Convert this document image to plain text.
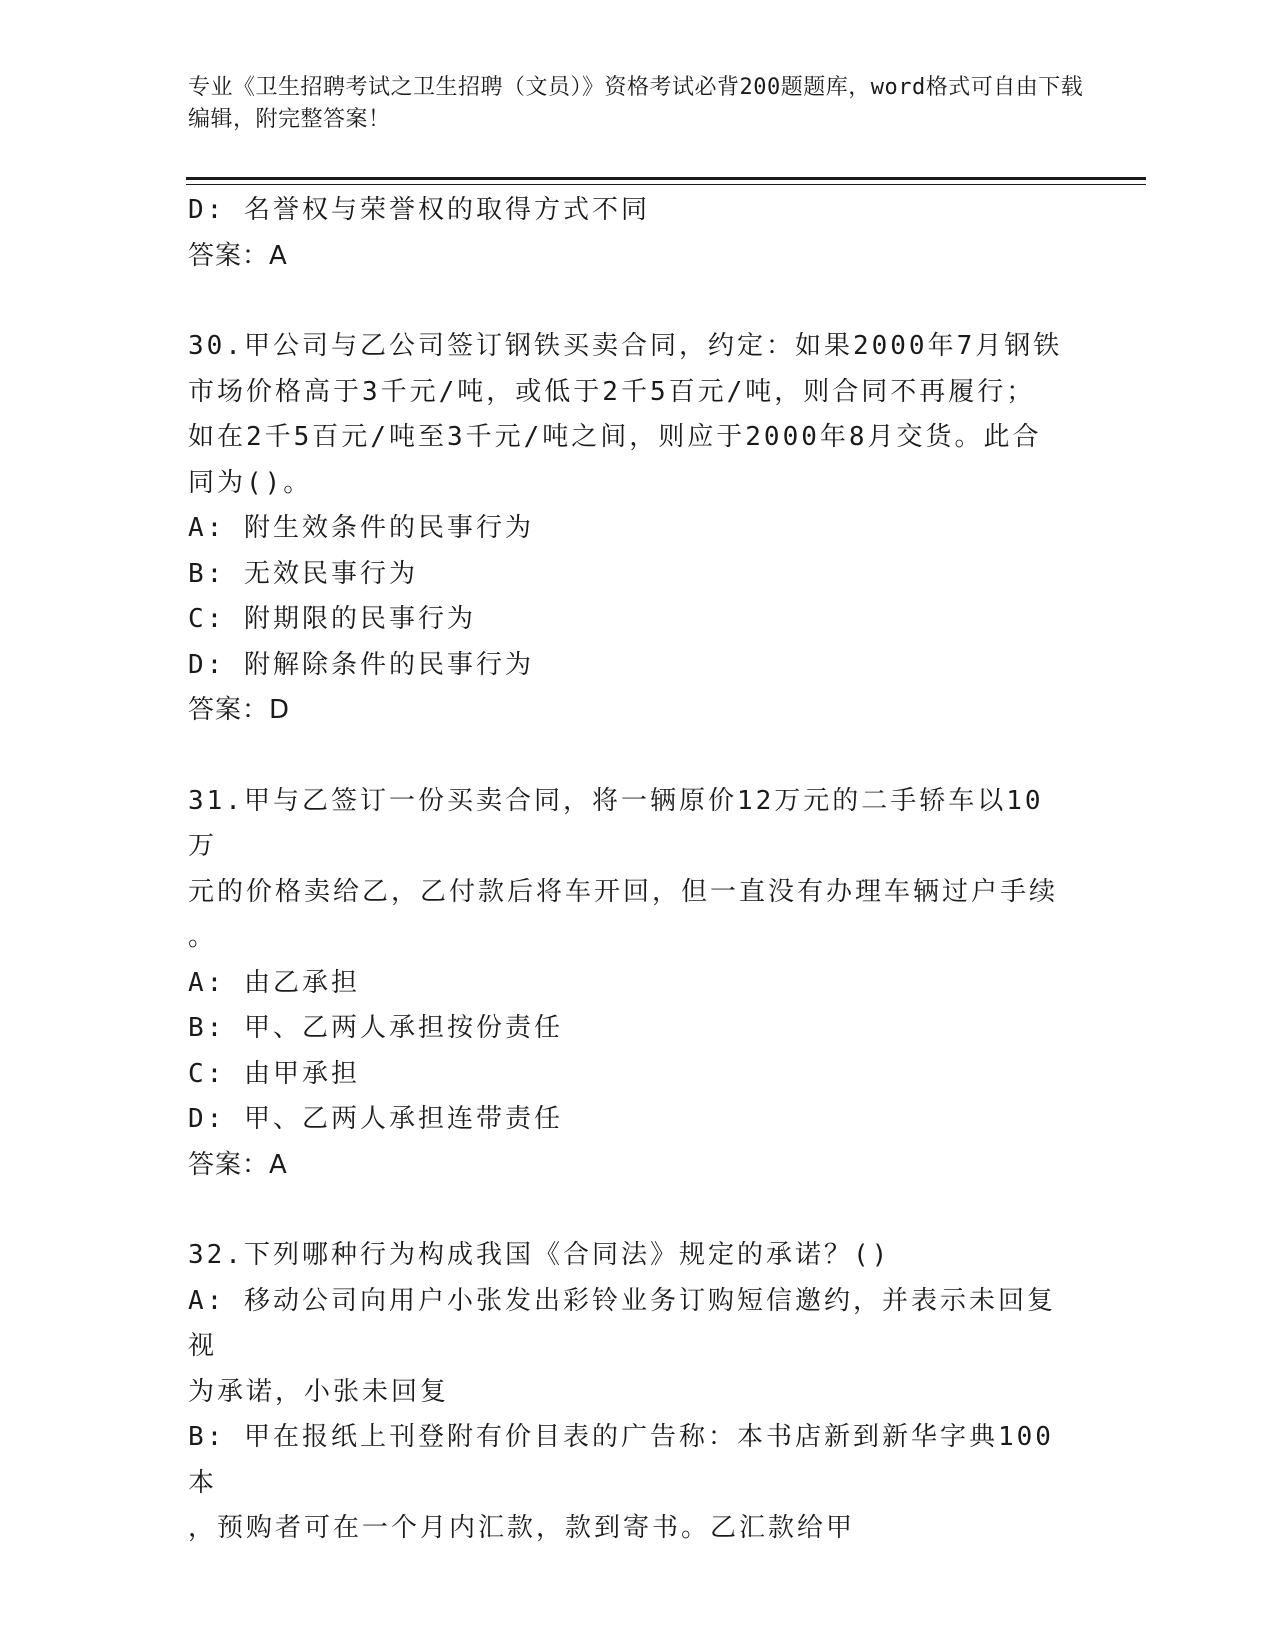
专业《卫生招聘考试之卫生招聘（文员）》资格考试必背200题题库，word格式可自由下载编辑，附完整答案！
D: 名誉权与荣誉权的取得方式不同
答案：A
30.甲公司与乙公司签订钢铁买卖合同，约定：如果2000年7月钢铁
市场价格高于3千元/吨，或低于2千5百元/吨，则合同不再履行；
如在2千5百元/吨至3千元/吨之间，则应于2000年8月交货。此合
同为()。
A: 附生效条件的民事行为
B: 无效民事行为
C: 附期限的民事行为
D: 附解除条件的民事行为
答案：D
31.甲与乙签订一份买卖合同，将一辆原价12万元的二手轿车以10万
元的价格卖给乙，乙付款后将车开回，但一直没有办理车辆过户手续
。
A: 由乙承担
B: 甲、乙两人承担按份责任
C: 由甲承担
D: 甲、乙两人承担连带责任
答案：A
32.下列哪种行为构成我国《合同法》规定的承诺？()
A: 移动公司向用户小张发出彩铃业务订购短信邀约，并表示未回复视
为承诺，小张未回复
B: 甲在报纸上刊登附有价目表的广告称：本书店新到新华字典100本
，预购者可在一个月内汇款，款到寄书。乙汇款给甲
